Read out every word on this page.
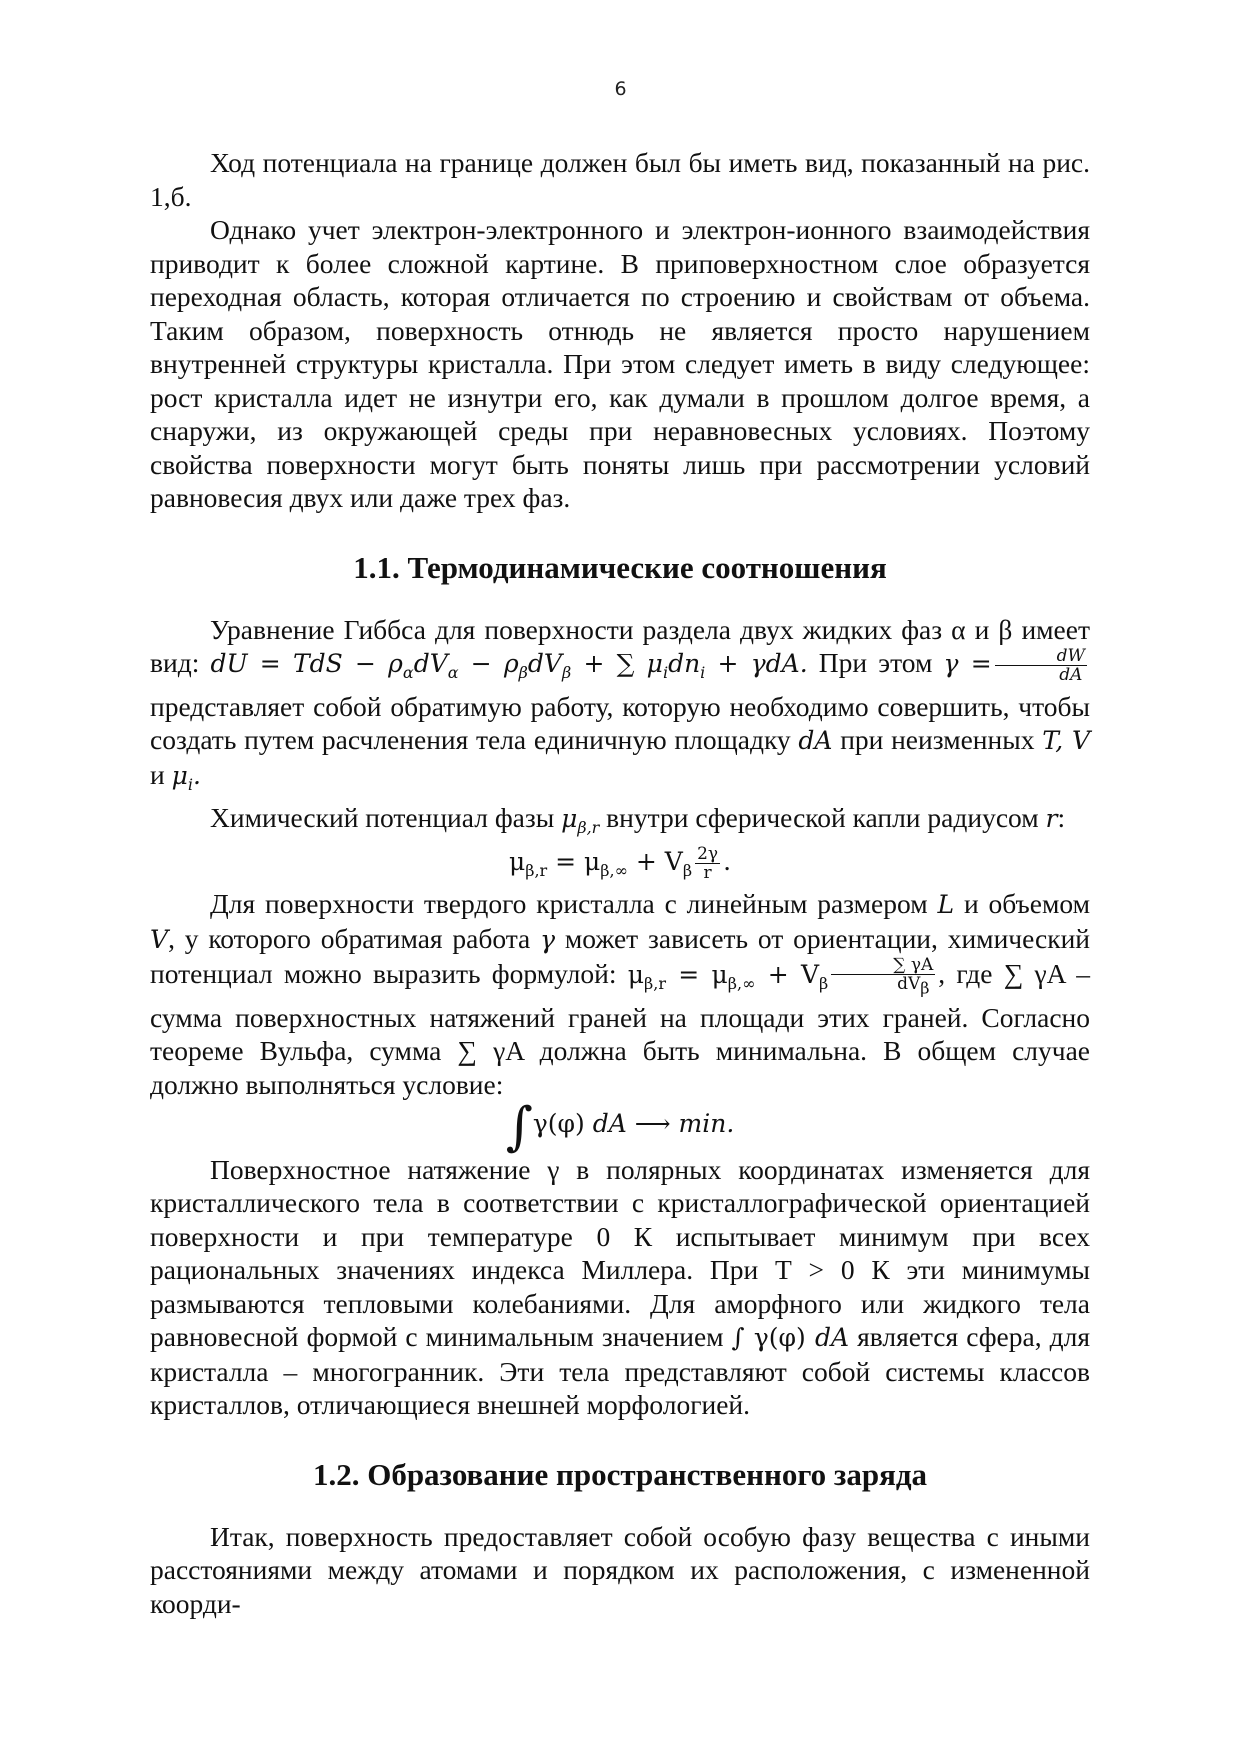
6

Ход потенциала на границе должен был бы иметь вид, показанный на рис. 1,б.

Однако учет электрон-электронного и электрон-ионного взаимодействия приводит к более сложной картине. В приповерхностном слое образуется переходная область, которая отличается по строению и свойствам от объема. Таким образом, поверхность отнюдь не является просто нарушением внутренней структуры кристалла. При этом следует иметь в виду следующее: рост кристалла идет не изнутри его, как думали в прошлом долгое время, а снаружи, из окружающей среды при неравновесных условиях. Поэтому свойства поверхности могут быть поняты лишь при рассмотрении условий равновесия двух или даже трех фаз.

1.1. Термодинамические соотношения

Уравнение Гиббса для поверхности раздела двух жидких фаз α и β имеет вид: dU = TdS − $\rho_\alpha dV_\alpha - \rho_\beta dV_\beta$ + ∑ $\mu_idn_i + \gamma dA$. При этом $\gamma = \frac{dW}{dA}$
представляет собой обратимую работу, которую необходимо совершить, чтобы создать путем расчленения тела единичную площадку dA при неизменных T, V и $\mu_i$.

Химический потенциал фазы $\mu_{\beta,r}$ внутри сферической капли радиусом r:

$\mu_{\beta,r} = \mu_{\beta,\infty} + V_\beta \frac{2\gamma}{r}$ .

Для поверхности твердого кристалла с линейным размером L и объемом V, у которого обратимая работа γ может зависеть от ориентации, химический потенциал можно выразить формулой: $\mu_{\beta,r} = \mu_{\beta,\infty} + V_\beta \frac{\sum \gamma A}{dV_\beta}$ , где ∑ γA – сумма поверхностных натяжений граней на площади этих граней. Согласно теореме Вульфа, сумма ∑ γA должна быть минимальна. В общем случае должно выполняться условие:

∫γ(φ) dA ⟶ min.

Поверхностное натяжение γ в полярных координатах изменяется для кристаллического тела в соответствии с кристаллографической ориентацией поверхности и при температуре 0 К испытывает минимум при всех рациональных значениях индекса Миллера. При Т > 0 К эти минимумы размываются тепловыми колебаниями. Для аморфного или жидкого тела равновесной формой с минимальным значением ∫ γ(φ) dA является сфера, для кристалла – многогранник. Эти тела представляют собой системы классов кристаллов, отличающиеся внешней морфологией.

1.2. Образование пространственного заряда

Итак, поверхность предоставляет собой особую фазу вещества с иными расстояниями между атомами и порядком их расположения, с измененной коорди-
